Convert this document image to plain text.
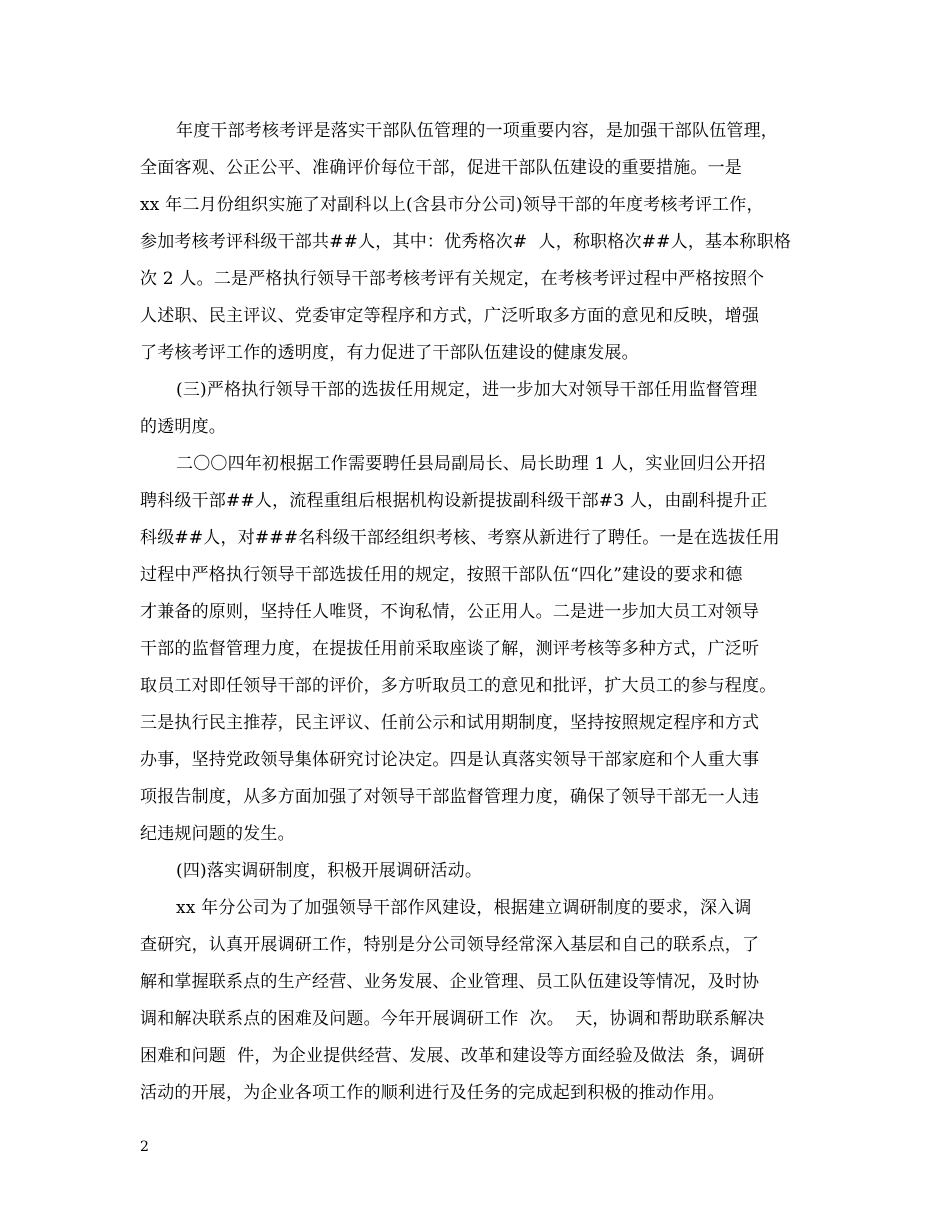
年度干部考核考评是落实干部队伍管理的一项重要内容，是加强干部队伍管理，
全面客观、公正公平、准确评价每位干部，促进干部队伍建设的重要措施。一是
xx 年二月份组织实施了对副科以上(含县市分公司)领导干部的年度考核考评工作，
参加考核考评科级干部共##人，其中：优秀格次#  人，称职格次##人，基本称职格
次 2 人。二是严格执行领导干部考核考评有关规定，在考核考评过程中严格按照个
人述职、民主评议、党委审定等程序和方式，广泛听取多方面的意见和反映，增强
了考核考评工作的透明度，有力促进了干部队伍建设的健康发展。
(三)严格执行领导干部的选拔任用规定，进一步加大对领导干部任用监督管理
的透明度。
二〇〇四年初根据工作需要聘任县局副局长、局长助理 1 人，实业回归公开招
聘科级干部##人，流程重组后根据机构设新提拔副科级干部#3 人，由副科提升正
科级##人，对###名科级干部经组织考核、考察从新进行了聘任。一是在选拔任用
过程中严格执行领导干部选拔任用的规定，按照干部队伍“四化”建设的要求和德
才兼备的原则，坚持任人唯贤，不询私情，公正用人。二是进一步加大员工对领导
干部的监督管理力度，在提拔任用前采取座谈了解，测评考核等多种方式，广泛听
取员工对即任领导干部的评价，多方听取员工的意见和批评，扩大员工的参与程度。
三是执行民主推荐，民主评议、任前公示和试用期制度，坚持按照规定程序和方式
办事，坚持党政领导集体研究讨论决定。四是认真落实领导干部家庭和个人重大事
项报告制度，从多方面加强了对领导干部监督管理力度，确保了领导干部无一人违
纪违规问题的发生。
(四)落实调研制度，积极开展调研活动。
xx 年分公司为了加强领导干部作风建设，根据建立调研制度的要求，深入调
查研究，认真开展调研工作，特别是分公司领导经常深入基层和自己的联系点，了
解和掌握联系点的生产经营、业务发展、企业管理、员工队伍建设等情况，及时协
调和解决联系点的困难及问题。今年开展调研工作  次。  天，协调和帮助联系解决
困难和问题  件，为企业提供经营、发展、改革和建设等方面经验及做法  条，调研
活动的开展，为企业各项工作的顺利进行及任务的完成起到积极的推动作用。
2
